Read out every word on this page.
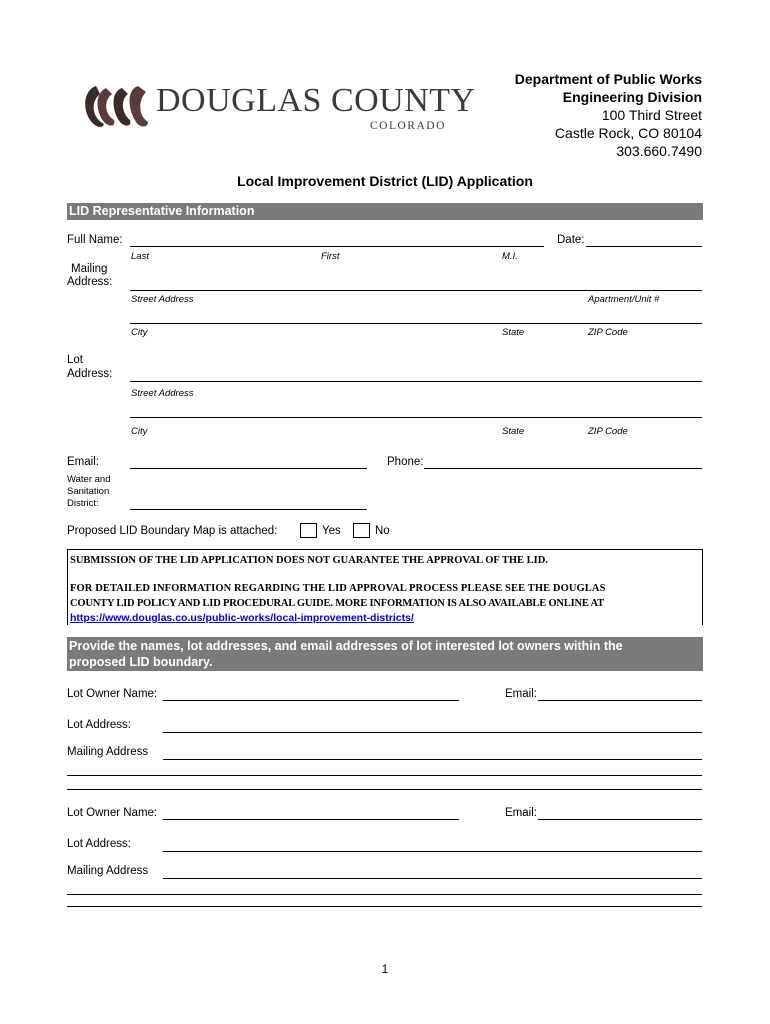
DOUGLAS COUNTY
COLORADO
Department of Public Works
Engineering Division
100 Third Street
Castle Rock, CO 80104
303.660.7490
Local Improvement District (LID) Application
LID Representative Information
Full Name:	Date:
Last	First	M.I.
Mailing
Address:
Street Address	Apartment/Unit #
City	State	ZIP Code
Lot
Address:
Street Address
City	State	ZIP Code
Email:	Phone:
Water and
Sanitation
District:
Proposed LID Boundary Map is attached:	Yes	No
SUBMISSION OF THE LID APPLICATION DOES NOT GUARANTEE THE APPROVAL OF THE LID.
FOR DETAILED INFORMATION REGARDING THE LID APPROVAL PROCESS PLEASE SEE THE DOUGLAS
COUNTY LID POLICY AND LID PROCEDURAL GUIDE. MORE INFORMATION IS ALSO AVAILABLE ONLINE AT
https://www.douglas.co.us/public-works/local-improvement-districts/
Provide the names, lot addresses, and email addresses of lot interested lot owners within the
proposed LID boundary.
Lot Owner Name:	Email:
Lot Address:
Mailing Address
Lot Owner Name:	Email:
Lot Address:
Mailing Address
1
